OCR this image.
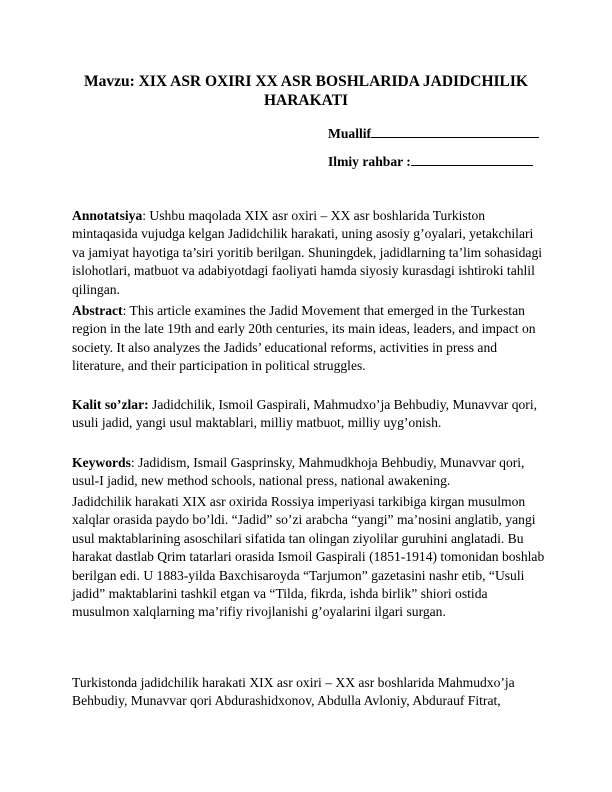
Mavzu: XIX ASR OXIRI XX ASR BOSHLARIDA JADIDCHILIK HARAKATI
Muallif
Ilmiy rahbar :

Annotatsiya: Ushbu maqolada XIX asr oxiri – XX asr boshlarida Turkiston mintaqasida vujudga kelgan Jadidchilik harakati, uning asosiy g’oyalari, yetakchilari va jamiyat hayotiga ta’siri yoritib berilgan. Shuningdek, jadidlarning ta’lim sohasidagi islohotlari, matbuot va adabiyotdagi faoliyati hamda siyosiy kurasdagi ishtiroki tahlil qilingan.

Abstract: This article examines the Jadid Movement that emerged in the Turkestan region in the late 19th and early 20th centuries, its main ideas, leaders, and impact on society. It also analyzes the Jadids’ educational reforms, activities in press and literature, and their participation in political struggles.

Kalit so’zlar: Jadidchilik, Ismoil Gaspirali, Mahmudxo’ja Behbudiy, Munavvar qori, usuli jadid, yangi usul maktablari, milliy matbuot, milliy uyg’onish.

Keywords: Jadidism, Ismail Gasprinsky, Mahmudkhoja Behbudiy, Munavvar qori, usul-I jadid, new method schools, national press, national awakening.

Jadidchilik harakati XIX asr oxirida Rossiya imperiyasi tarkibiga kirgan musulmon xalqlar orasida paydo bo’ldi. “Jadid” so’zi arabcha “yangi” ma’nosini anglatib, yangi usul maktablarining asoschilari sifatida tan olingan ziyolilar guruhini anglatadi. Bu harakat dastlab Qrim tatarlari orasida Ismoil Gaspirali (1851-1914) tomonidan boshlab berilgan edi. U 1883-yilda Baxchisaroyda “Tarjumon” gazetasini nashr etib, “Usuli jadid” maktablarini tashkil etgan va “Tilda, fikrda, ishda birlik” shiori ostida musulmon xalqlarning ma’rifiy rivojlanishi g’oyalarini ilgari surgan.

Turkistonda jadidchilik harakati XIX asr oxiri – XX asr boshlarida Mahmudxo’ja Behbudiy, Munavvar qori Abdurashidxonov, Abdulla Avloniy, Abdurauf Fitrat,
